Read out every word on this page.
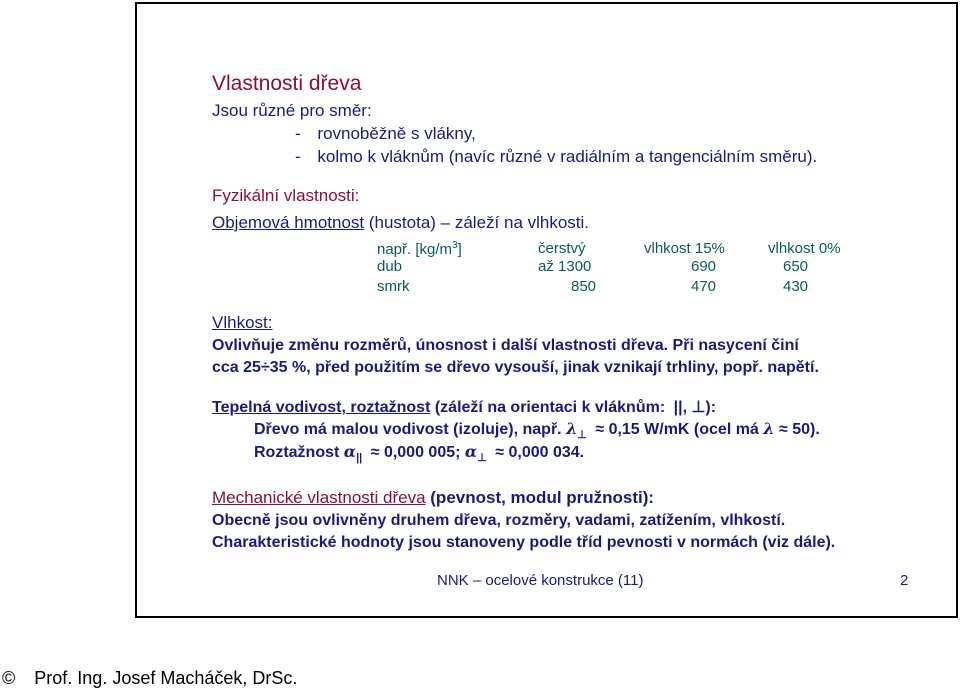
Vlastnosti dřeva
Jsou různé pro směr:
- rovnoběžně s vlákny,
- kolmo k vláknům (navíc různé v radiálním a tangenciálním směru).
Fyzikální vlastnosti:
Objemová hmotnost (hustota) – záleží na vlhkosti.
např. $[kg/m^3]$	čerstvý	vlhkost 15%	vlhkost 0%
dub	až 1300	690	650
smrk	850	470	430
Vlhkost:
Ovlivňuje změnu rozměrů, únosnost i další vlastnosti dřeva. Při nasycení činí
cca 25÷35 %, před použitím se dřevo vysouší, jinak vznikají trhliny, popř. napětí.
Tepelná vodivost, roztažnost (záleží na orientaci k vláknům: ||, ⊥):
Dřevo má malou vodivost (izoluje), např. $\lambda_\perp \approx 0,15$ W/mK (ocel má λ ≈ 50).
Roztažnost $\alpha_{||} \approx 0,000$ 005; $\alpha_\perp \approx 0,000$ 034.
Mechanické vlastnosti dřeva (pevnost, modul pružnosti):
Obecně jsou ovlivněny druhem dřeva, rozměry, vadami, zatížením, vlhkostí.
Charakteristické hodnoty jsou stanoveny podle tříd pevnosti v normách (viz dále).
NNK – ocelové konstrukce (11)	2
© Prof. Ing. Josef Macháček, DrSc.
